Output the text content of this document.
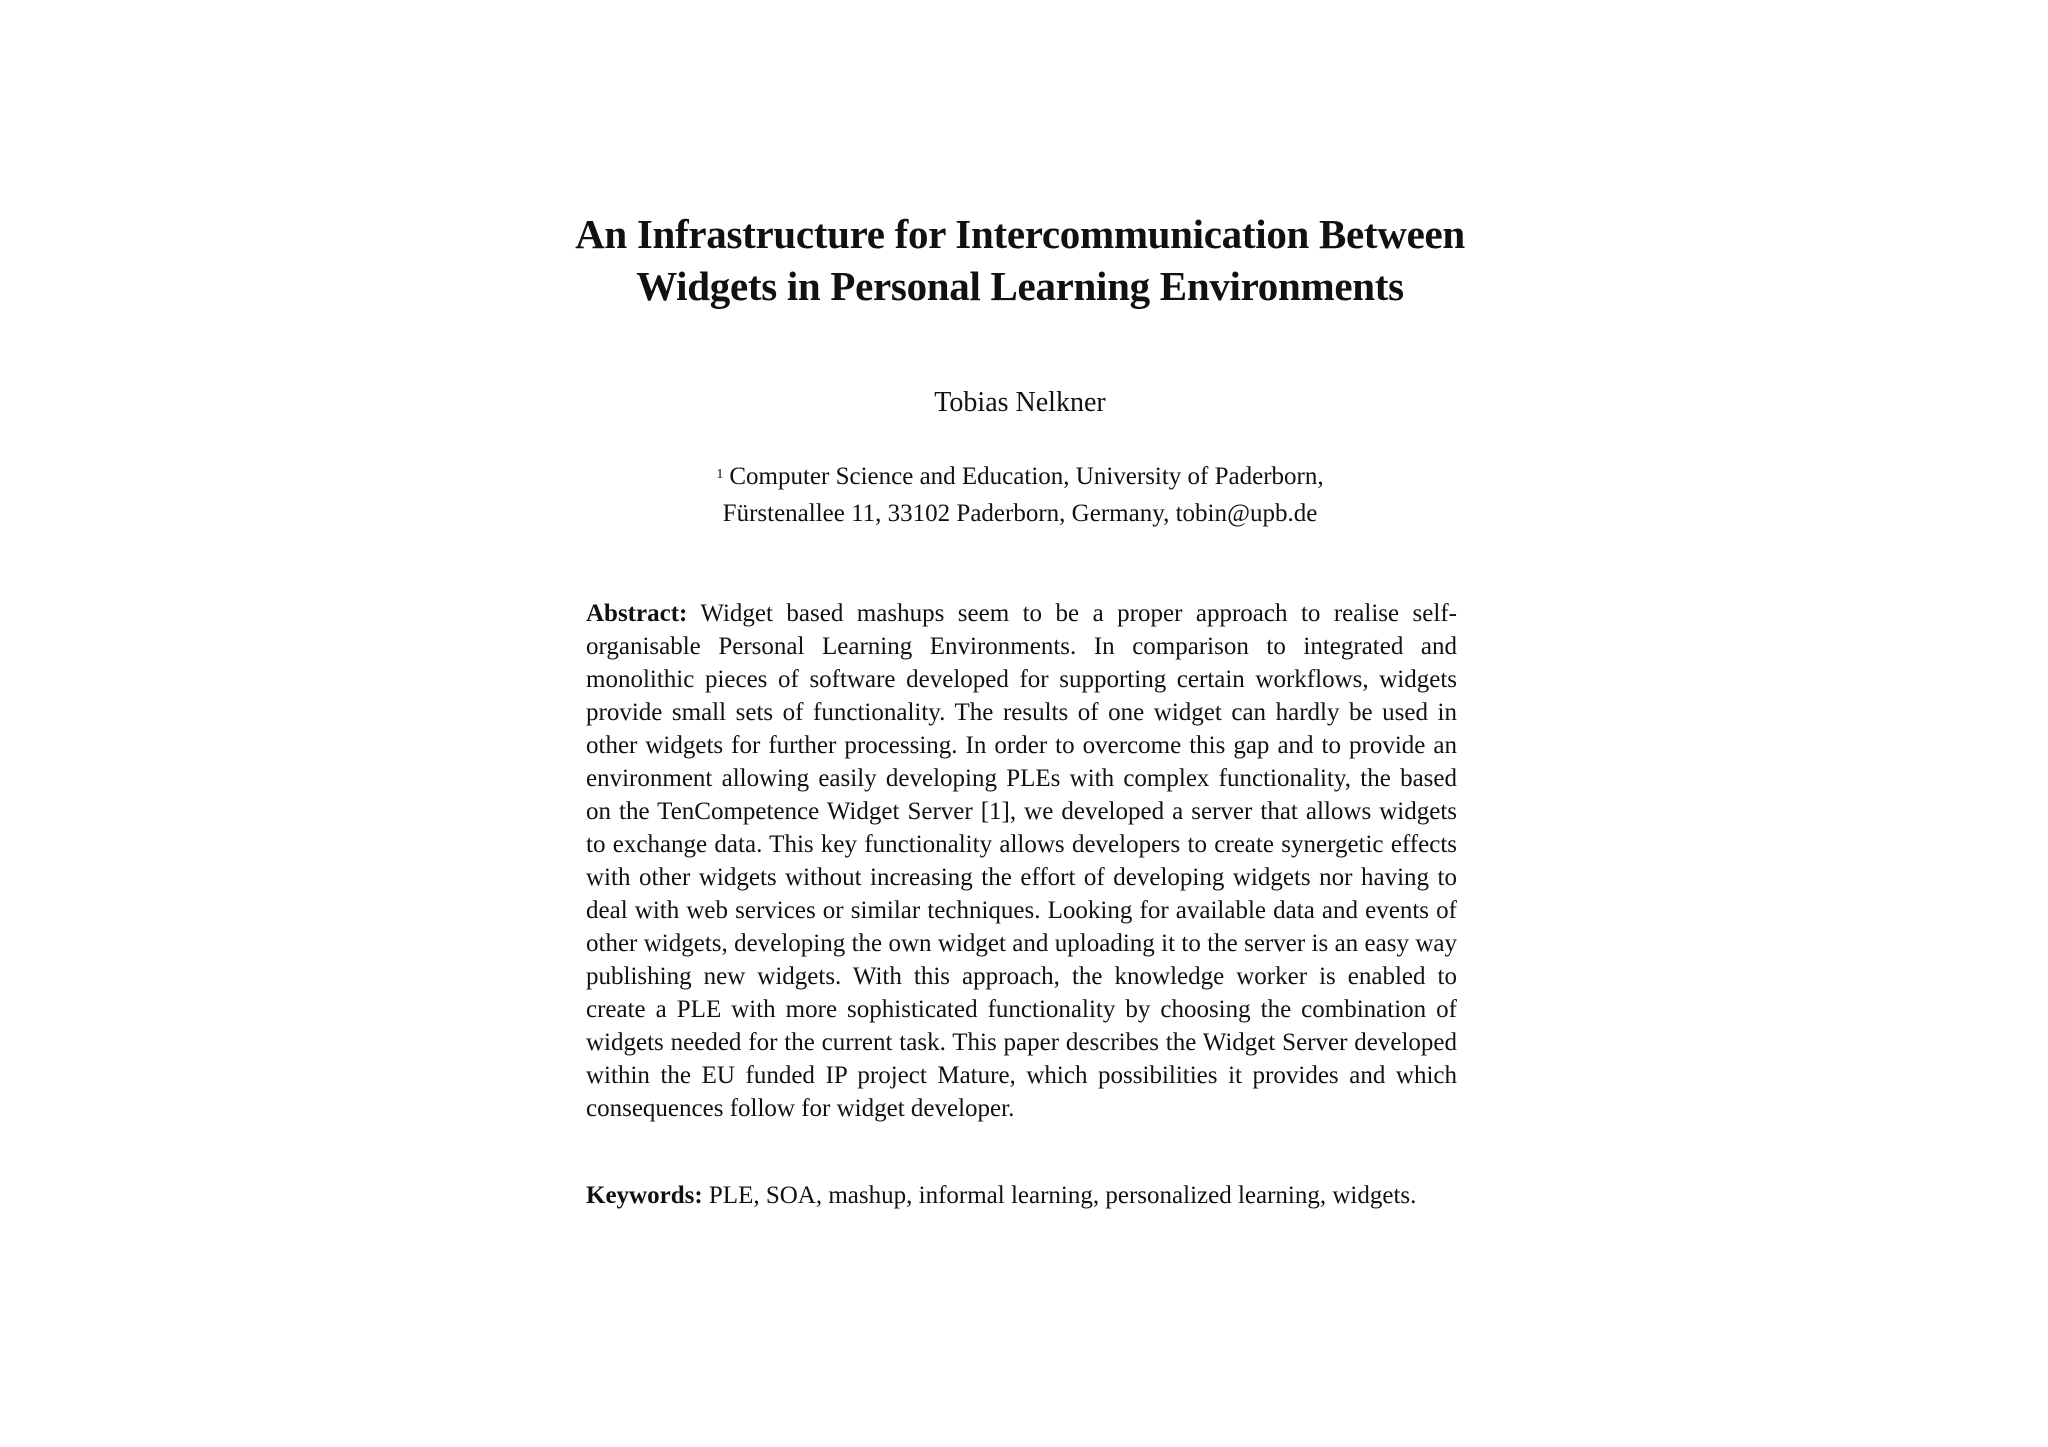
An Infrastructure for Intercommunication Between
Widgets in Personal Learning Environments
Tobias Nelkner
$^1$ Computer Science and Education, University of Paderborn,
Fürstenallee 11, 33102 Paderborn, Germany, tobin@upb.de

Abstract: Widget based mashups seem to be a proper approach to realise self-organisable Personal Learning Environments. In comparison to integrated and monolithic pieces of software developed for supporting certain workflows, widgets provide small sets of functionality. The results of one widget can hardly be used in other widgets for further processing. In order to overcome this gap and to provide an environment allowing easily developing PLEs with complex functionality, the based on the TenCompetence Widget Server [1], we developed a server that allows widgets to exchange data. This key functionality allows developers to create synergetic effects with other widgets without increasing the effort of developing widgets nor having to deal with web services or similar techniques. Looking for available data and events of other widgets, developing the own widget and uploading it to the server is an easy way publishing new widgets. With this approach, the knowledge worker is enabled to create a PLE with more sophisticated functionality by choosing the combination of widgets needed for the current task. This paper describes the Widget Server developed within the EU funded IP project Mature, which possibilities it provides and which consequences follow for widget developer.

Keywords: PLE, SOA, mashup, informal learning, personalized learning, widgets.
